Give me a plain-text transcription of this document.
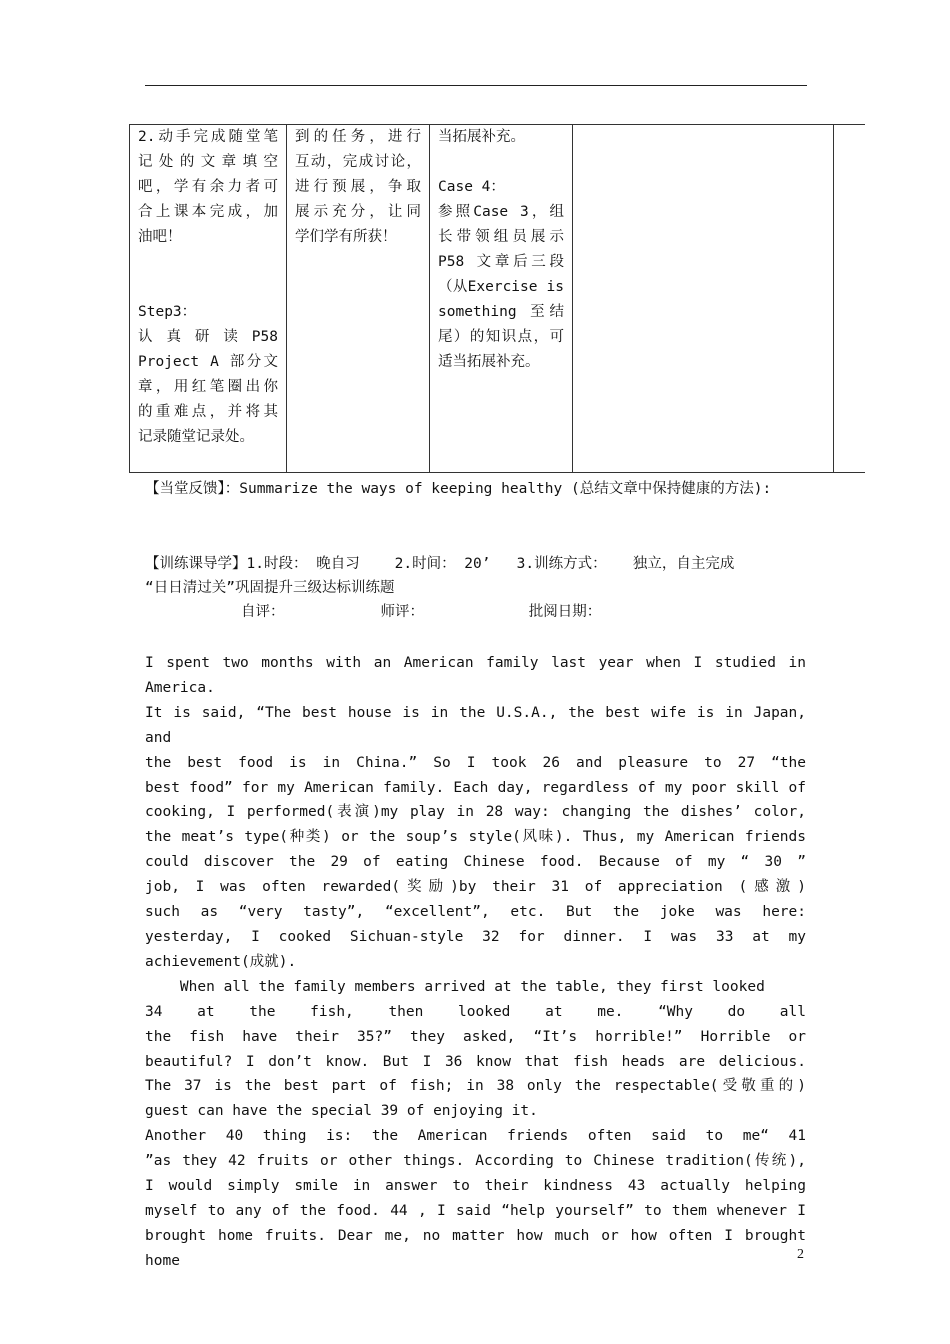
2.动手完成随堂笔
记处的文章填空
吧，学有余力者可
合上课本完成，加
油吧！
Step3：
认 真 研 读 P58
Project A 部分文
章，用红笔圈出你
的重难点，并将其
记录随堂记录处。
到的任务，进行
互动，完成讨论，
进行预展，争取
展示充分，让同
学们学有所获！
当拓展补充。
Case 4：
参照Case 3，组
长带领组员展示
P58 文章后三段
（从Exercise is
something 至结
尾）的知识点，可
适当拓展补充。
【当堂反馈】：Summarize the ways of keeping healthy (总结文章中保持健康的方法):
【训练课导学】1.时段： 晚自习    2.时间： 20’   3.训练方式：   独立，自主完成
“日日清过关”巩固提升三级达标训练题
自评：           师评：            批阅日期：
I spent two months with an American family last year when I studied in America.
It is said, “The best house is in the U.S.A., the best wife is in Japan, and
the best food is in China.” So I took 26 and pleasure to 27 “the
best food” for my American family. Each day, regardless of my poor skill of
cooking, I performed(表演)my play in 28 way: changing the dishes’ color,
the meat’s type(种类) or the soup’s style(风味). Thus, my American friends
could discover the 29 of eating Chinese food. Because of my “ 30 ”
job, I was often rewarded(奖励)by their 31 of appreciation (感激)
such as “very tasty”, “excellent”, etc. But the joke was here:
yesterday, I cooked Sichuan-style 32 for dinner. I was 33 at my
achievement(成就).
When all the family members arrived at the table, they first looked
34 at the fish, then looked at me. “Why do all
the fish have their 35?” they asked, “It’s horrible!” Horrible or
beautiful? I don’t know. But I 36 know that fish heads are delicious.
The 37 is the best part of fish; in 38 only the respectable(受敬重的)
guest can have the special 39 of enjoying it.
Another 40 thing is: the American friends often said to me“ 41
”as they 42 fruits or other things. According to Chinese tradition(传统),
I would simply smile in answer to their kindness 43 actually helping
myself to any of the food. 44 , I said “help yourself” to them whenever I
brought home fruits. Dear me, no matter how much or how often I brought home	2
